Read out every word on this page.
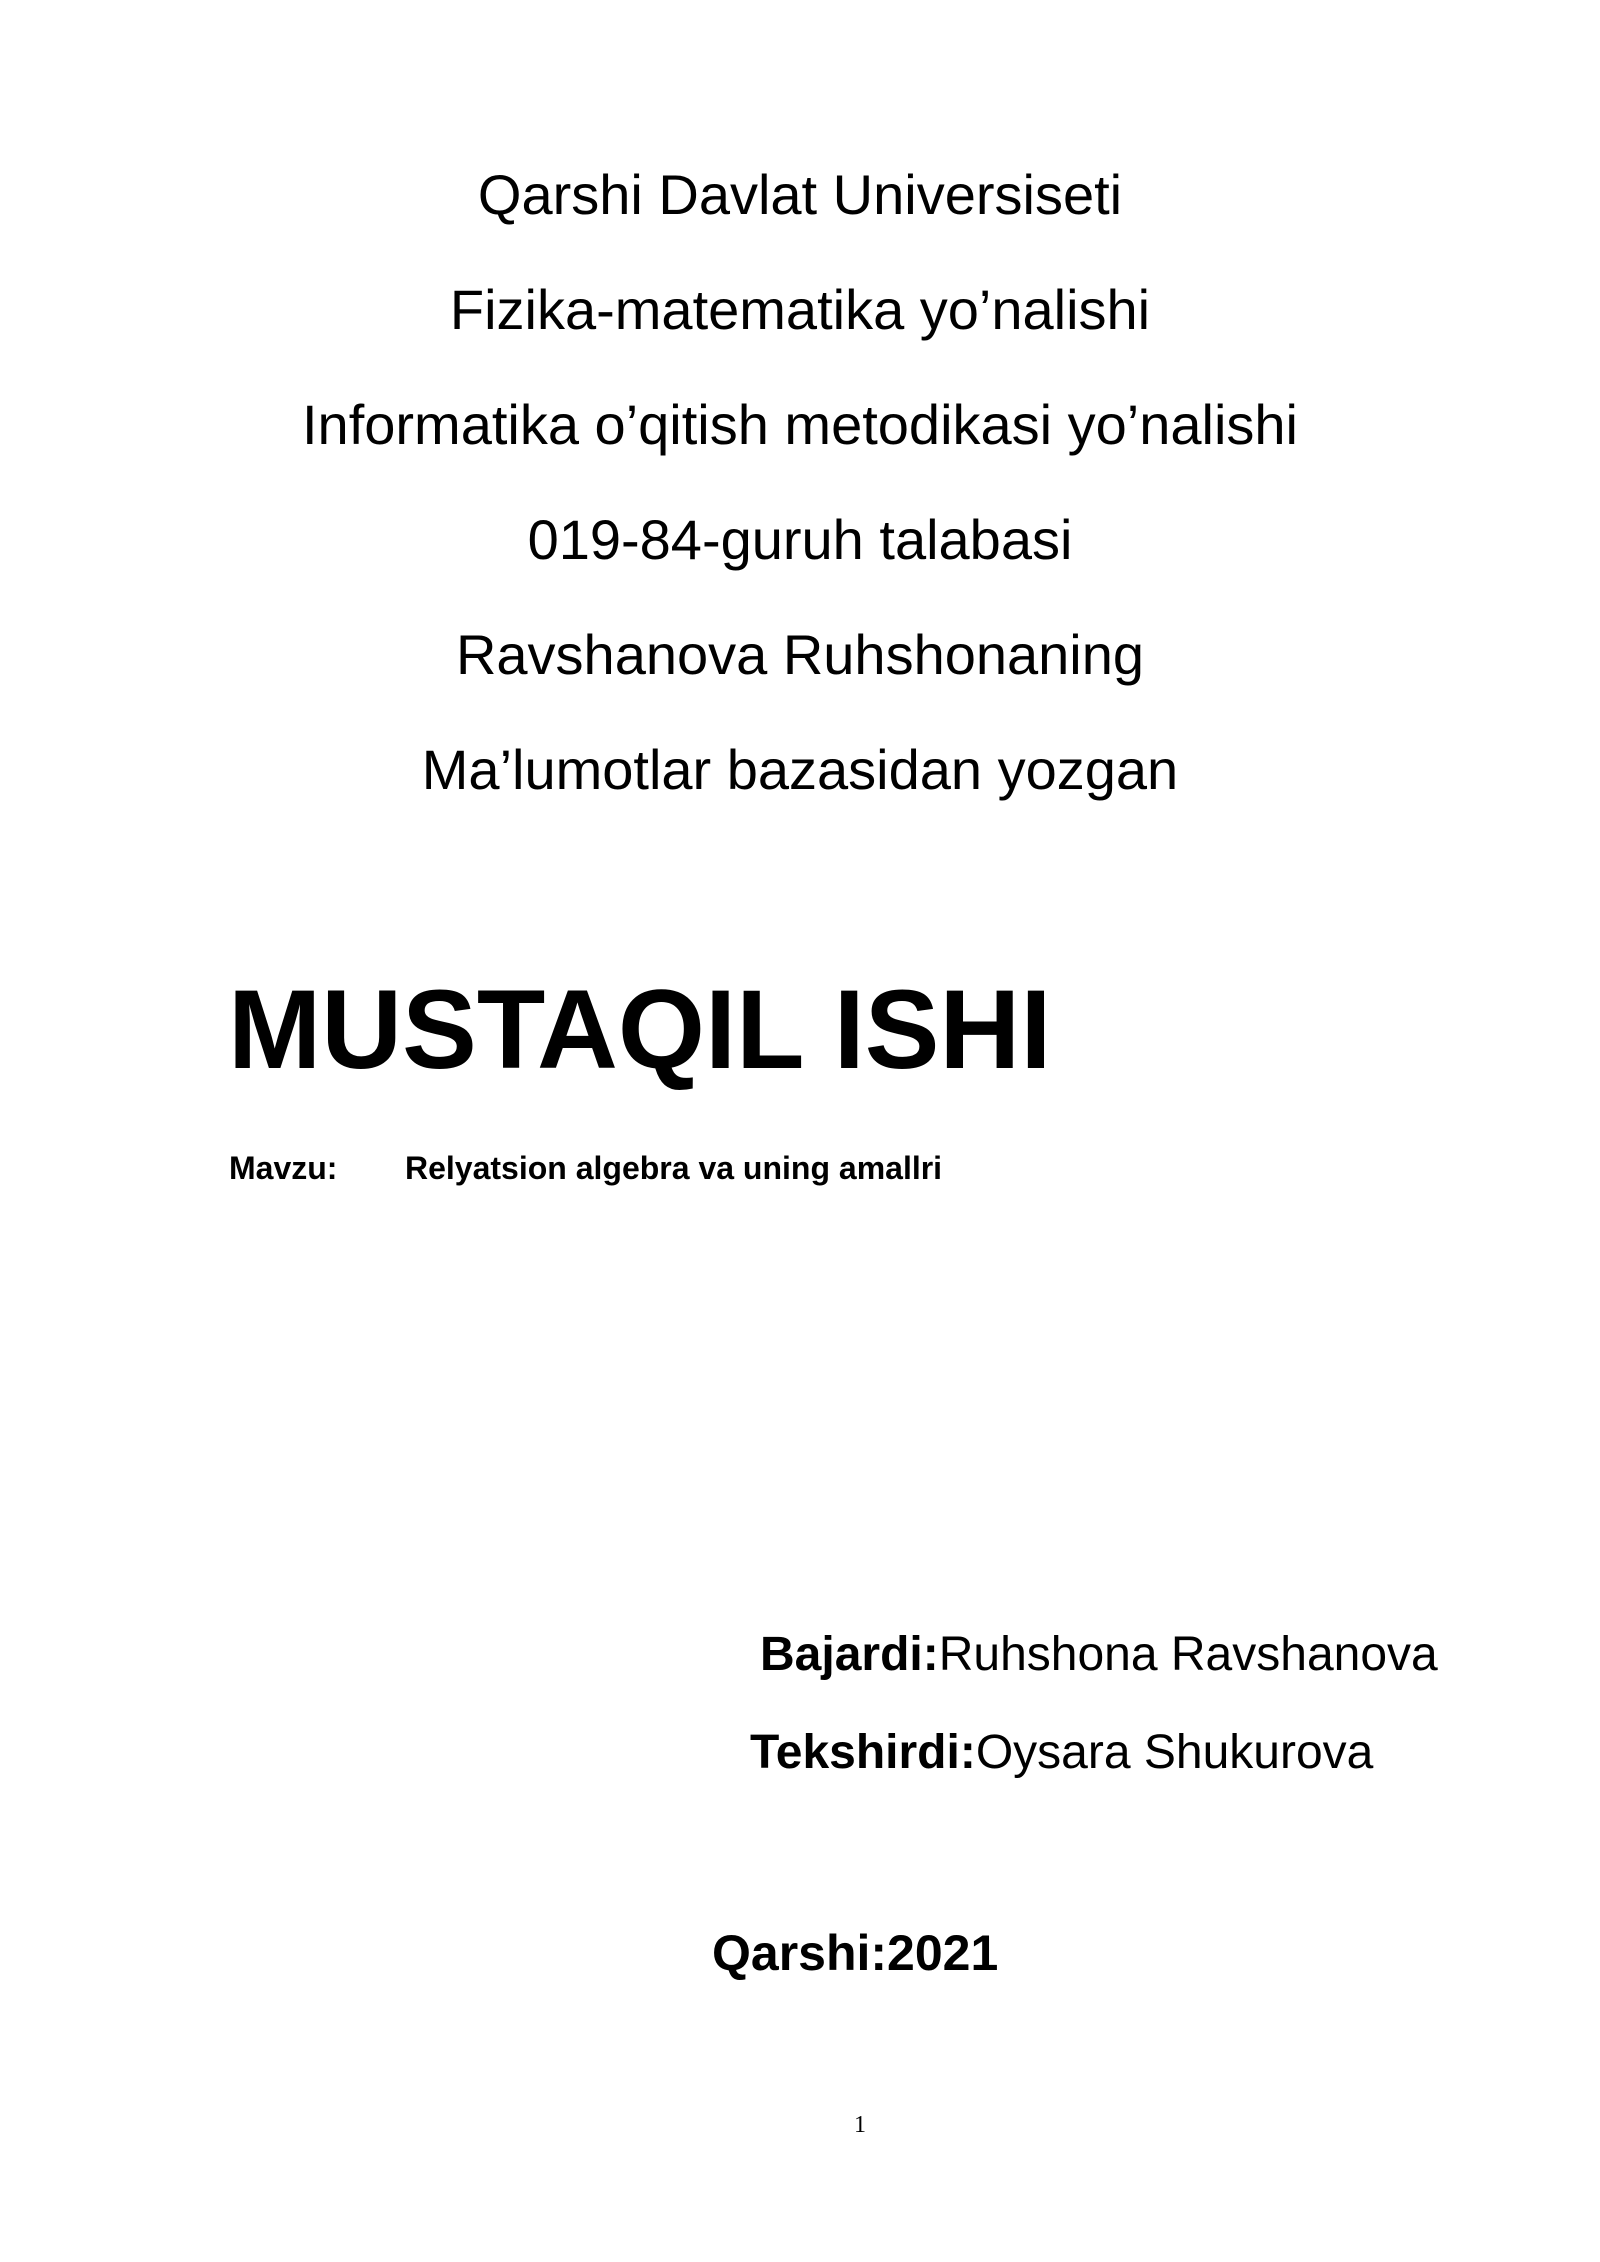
Qarshi Davlat Universiseti
Fizika-matematika yo’nalishi
Informatika o’qitish metodikasi yo’nalishi
019-84-guruh talabasi
Ravshanova Ruhshonaning
Ma’lumotlar bazasidan yozgan
MUSTAQIL ISHI
Mavzu: Relyatsion algebra va uning amallri
Bajardi:Ruhshona Ravshanova
Tekshirdi:Oysara Shukurova
Qarshi:2021
1
